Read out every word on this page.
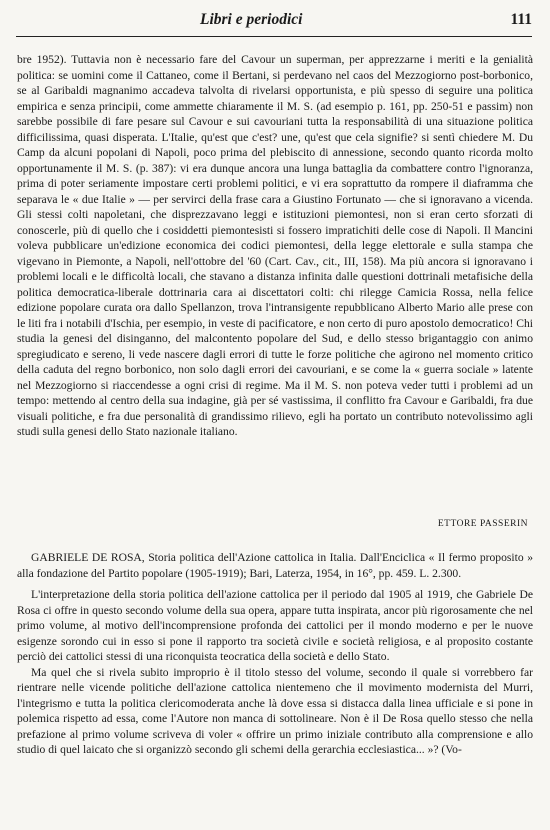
Libri e periodici	111

bre 1952). Tuttavia non è necessario fare del Cavour un superman, per apprezzarne i meriti e la genialità politica: se uomini come il Cattaneo, come il Bertani, si perdevano nel caos del Mezzogiorno post-borbonico, se al Garibaldi magnanimo accadeva talvolta di rivelarsi opportunista, e più spesso di seguire una politica empirica e senza principii, come ammette chiaramente il M. S. (ad esempio p. 161, pp. 250-51 e passim) non sarebbe possibile di fare pesare sul Cavour e sui cavouriani tutta la responsabilità di una situazione politica difficilissima, quasi disperata. L'Italie, qu'est que c'est? une, qu'est que cela signifie? si sentì chiedere M. Du Camp da alcuni popolani di Napoli, poco prima del plebiscito di annessione, secondo quanto ricorda molto opportunamente il M. S. (p. 387): vi era dunque ancora una lunga battaglia da combattere contro l'ignoranza, prima di poter seriamente impostare certi problemi politici, e vi era soprattutto da rompere il diaframma che separava le « due Italie » — per servirci della frase cara a Giustino Fortunato — che si ignoravano a vicenda. Gli stessi colti napoletani, che disprezzavano leggi e istituzioni piemontesi, non si eran certo sforzati di conoscerle, più di quello che i cosiddetti piemontesisti si fossero impratichiti delle cose di Napoli. Il Mancini voleva pubblicare un'edizione economica dei codici piemontesi, della legge elettorale e sulla stampa che vigevano in Piemonte, a Napoli, nell'ottobre del '60 (Cart. Cav., cit., III, 158). Ma più ancora si ignoravano i problemi locali e le difficoltà locali, che stavano a distanza infinita dalle questioni dottrinali metafisiche della politica democratica-liberale dottrinaria cara ai discettatori colti: chi rilegge Camicia Rossa, nella felice edizione popolare curata ora dallo Spellanzon, trova l'intransigente repubblicano Alberto Mario alle prese con le liti fra i notabili d'Ischia, per esempio, in veste di pacificatore, e non certo di puro apostolo democratico! Chi studia la genesi del disinganno, del malcontento popolare del Sud, e dello stesso brigantaggio con animo spregiudicato e sereno, li vede nascere dagli errori di tutte le forze politiche che agirono nel momento critico della caduta del regno borbonico, non solo dagli errori dei cavouriani, e se come la « guerra sociale » latente nel Mezzogiorno si riaccendesse a ogni crisi di regime. Ma il M. S. non poteva veder tutti i problemi ad un tempo: mettendo al centro della sua indagine, già per sé vastissima, il conflitto fra Cavour e Garibaldi, fra due visuali politiche, e fra due personalità di grandissimo rilievo, egli ha portato un contributo notevolissimo agli studi sulla genesi dello Stato nazionale italiano.

ETTORE PASSERIN

GABRIELE DE ROSA, Storia politica dell'Azione cattolica in Italia. Dall'Enciclica « Il fermo proposito » alla fondazione del Partito popolare (1905-1919); Bari, Laterza, 1954, in 16°, pp. 459. L. 2.300.

L'interpretazione della storia politica dell'azione cattolica per il periodo dal 1905 al 1919, che Gabriele De Rosa ci offre in questo secondo volume della sua opera, appare tutta inspirata, ancor più rigorosamente che nel primo volume, al motivo dell'incomprensione profonda dei cattolici per il mondo moderno e per le nuove esigenze sorondo cui in esso si pone il rapporto tra società civile e società religiosa, e al proposito costante perciò dei cattolici stessi di una riconquista teocratica della società e dello Stato.

Ma quel che si rivela subito improprio è il titolo stesso del volume, secondo il quale si vorrebbero far rientrare nelle vicende politiche dell'azione cattolica nientemeno che il movimento modernista del Murri, l'integrismo e tutta la politica clericomoderata anche là dove essa si distacca dalla linea ufficiale e si pone in polemica rispetto ad essa, come l'Autore non manca di sottolineare. Non è il De Rosa quello stesso che nella prefazione al primo volume scriveva di voler « offrire un primo iniziale contributo alla comprensione e allo studio di quel laicato che si organizzò secondo gli schemi della gerarchia ecclesiastica... »? (Vo-
